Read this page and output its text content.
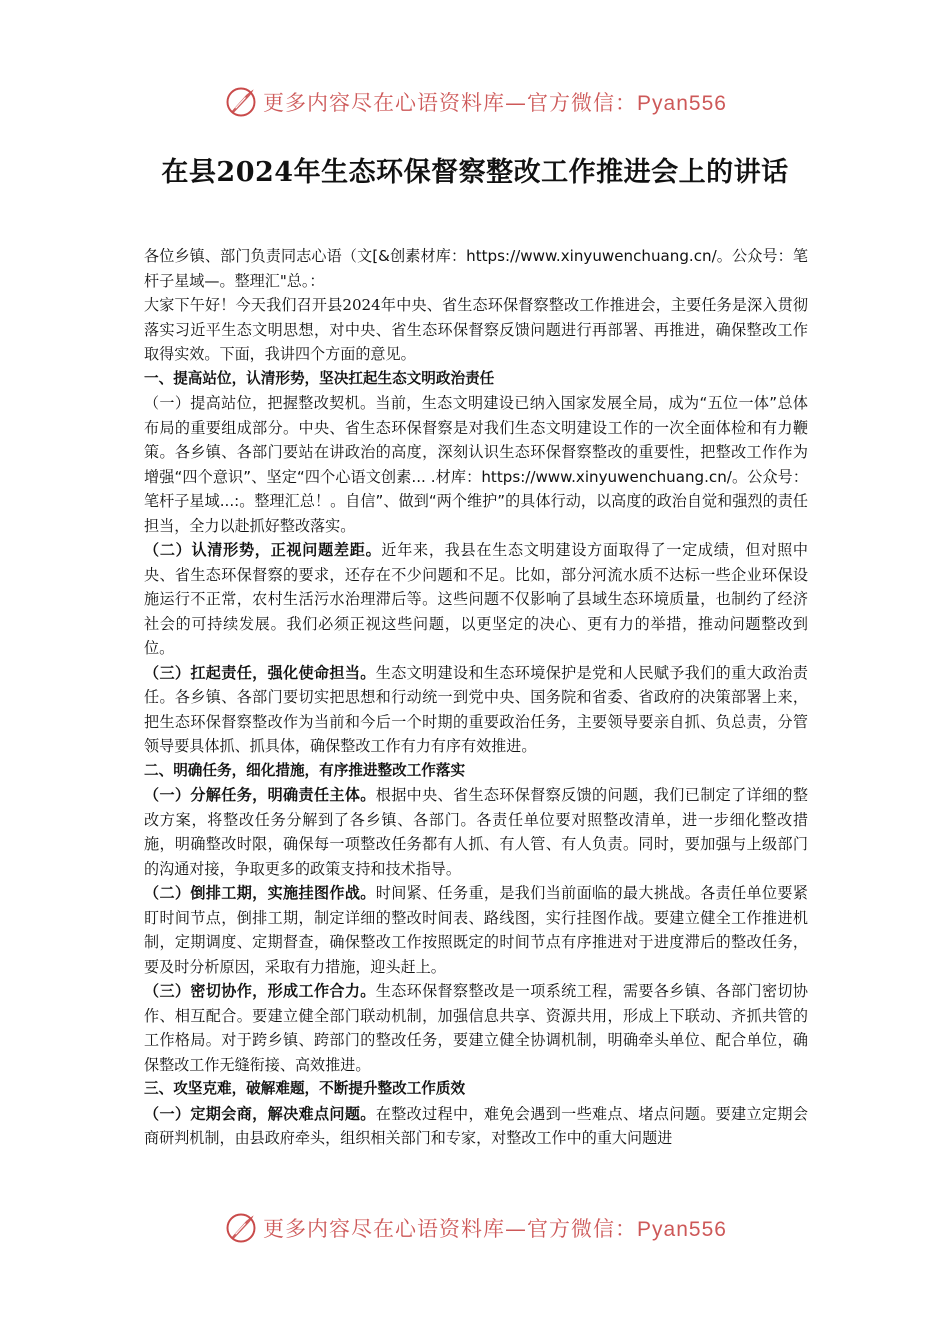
更多内容尽在心语资料库—官方微信：Pyan556
在县2024年生态环保督察整改工作推进会上的讲话

各位乡镇、部门负责同志心语（文[&创素材库：https://www.xinyuwenchuang.cn/。公众号：笔杆子星域—。整理汇"总。：

大家下午好！今天我们召开县2024年中央、省生态环保督察整改工作推进会，主要任务是深入贯彻落实习近平生态文明思想，对中央、省生态环保督察反馈问题进行再部署、再推进，确保整改工作取得实效。下面，我讲四个方面的意见。

一、提高站位，认清形势，坚决扛起生态文明政治责任

（一）提高站位，把握整改契机。当前，生态文明建设已纳入国家发展全局，成为“五位一体”总体布局的重要组成部分。中央、省生态环保督察是对我们生态文明建设工作的一次全面体检和有力鞭策。各乡镇、各部门要站在讲政治的高度，深刻认识生态环保督察整改的重要性，把整改工作作为增强“四个意识”、坚定“四个心语文创素... .材库：https://www.xinyuwenchuang.cn/。公众号：笔杆子星域...:。整理汇总！。自信”、做到“两个维护”的具体行动，以高度的政治自觉和强烈的责任担当，全力以赴抓好整改落实。

（二）认清形势，正视问题差距。近年来，我县在生态文明建设方面取得了一定成绩，但对照中央、省生态环保督察的要求，还存在不少问题和不足。比如，部分河流水质不达标一些企业环保设施运行不正常，农村生活污水治理滞后等。这些问题不仅影响了县域生态环境质量，也制约了经济社会的可持续发展。我们必须正视这些问题，以更坚定的决心、更有力的举措，推动问题整改到位。

（三）扛起责任，强化使命担当。生态文明建设和生态环境保护是党和人民赋予我们的重大政治责任。各乡镇、各部门要切实把思想和行动统一到党中央、国务院和省委、省政府的决策部署上来，把生态环保督察整改作为当前和今后一个时期的重要政治任务，主要领导要亲自抓、负总责，分管领导要具体抓、抓具体，确保整改工作有力有序有效推进。

二、明确任务，细化措施，有序推进整改工作落实

（一）分解任务，明确责任主体。根据中央、省生态环保督察反馈的问题，我们已制定了详细的整改方案，将整改任务分解到了各乡镇、各部门。各责任单位要对照整改清单，进一步细化整改措施，明确整改时限，确保每一项整改任务都有人抓、有人管、有人负责。同时，要加强与上级部门的沟通对接，争取更多的政策支持和技术指导。

（二）倒排工期，实施挂图作战。时间紧、任务重，是我们当前面临的最大挑战。各责任单位要紧盯时间节点，倒排工期，制定详细的整改时间表、路线图，实行挂图作战。要建立健全工作推进机制，定期调度、定期督查，确保整改工作按照既定的时间节点有序推进对于进度滞后的整改任务，要及时分析原因，采取有力措施，迎头赶上。

（三）密切协作，形成工作合力。生态环保督察整改是一项系统工程，需要各乡镇、各部门密切协作、相互配合。要建立健全部门联动机制，加强信息共享、资源共用，形成上下联动、齐抓共管的工作格局。对于跨乡镇、跨部门的整改任务，要建立健全协调机制，明确牵头单位、配合单位，确保整改工作无缝衔接、高效推进。

三、攻坚克难，破解难题，不断提升整改工作质效

（一）定期会商，解决难点问题。在整改过程中，难免会遇到一些难点、堵点问题。要建立定期会商研判机制，由县政府牵头，组织相关部门和专家，对整改工作中的重大问题进

更多内容尽在心语资料库—官方微信：Pyan556
